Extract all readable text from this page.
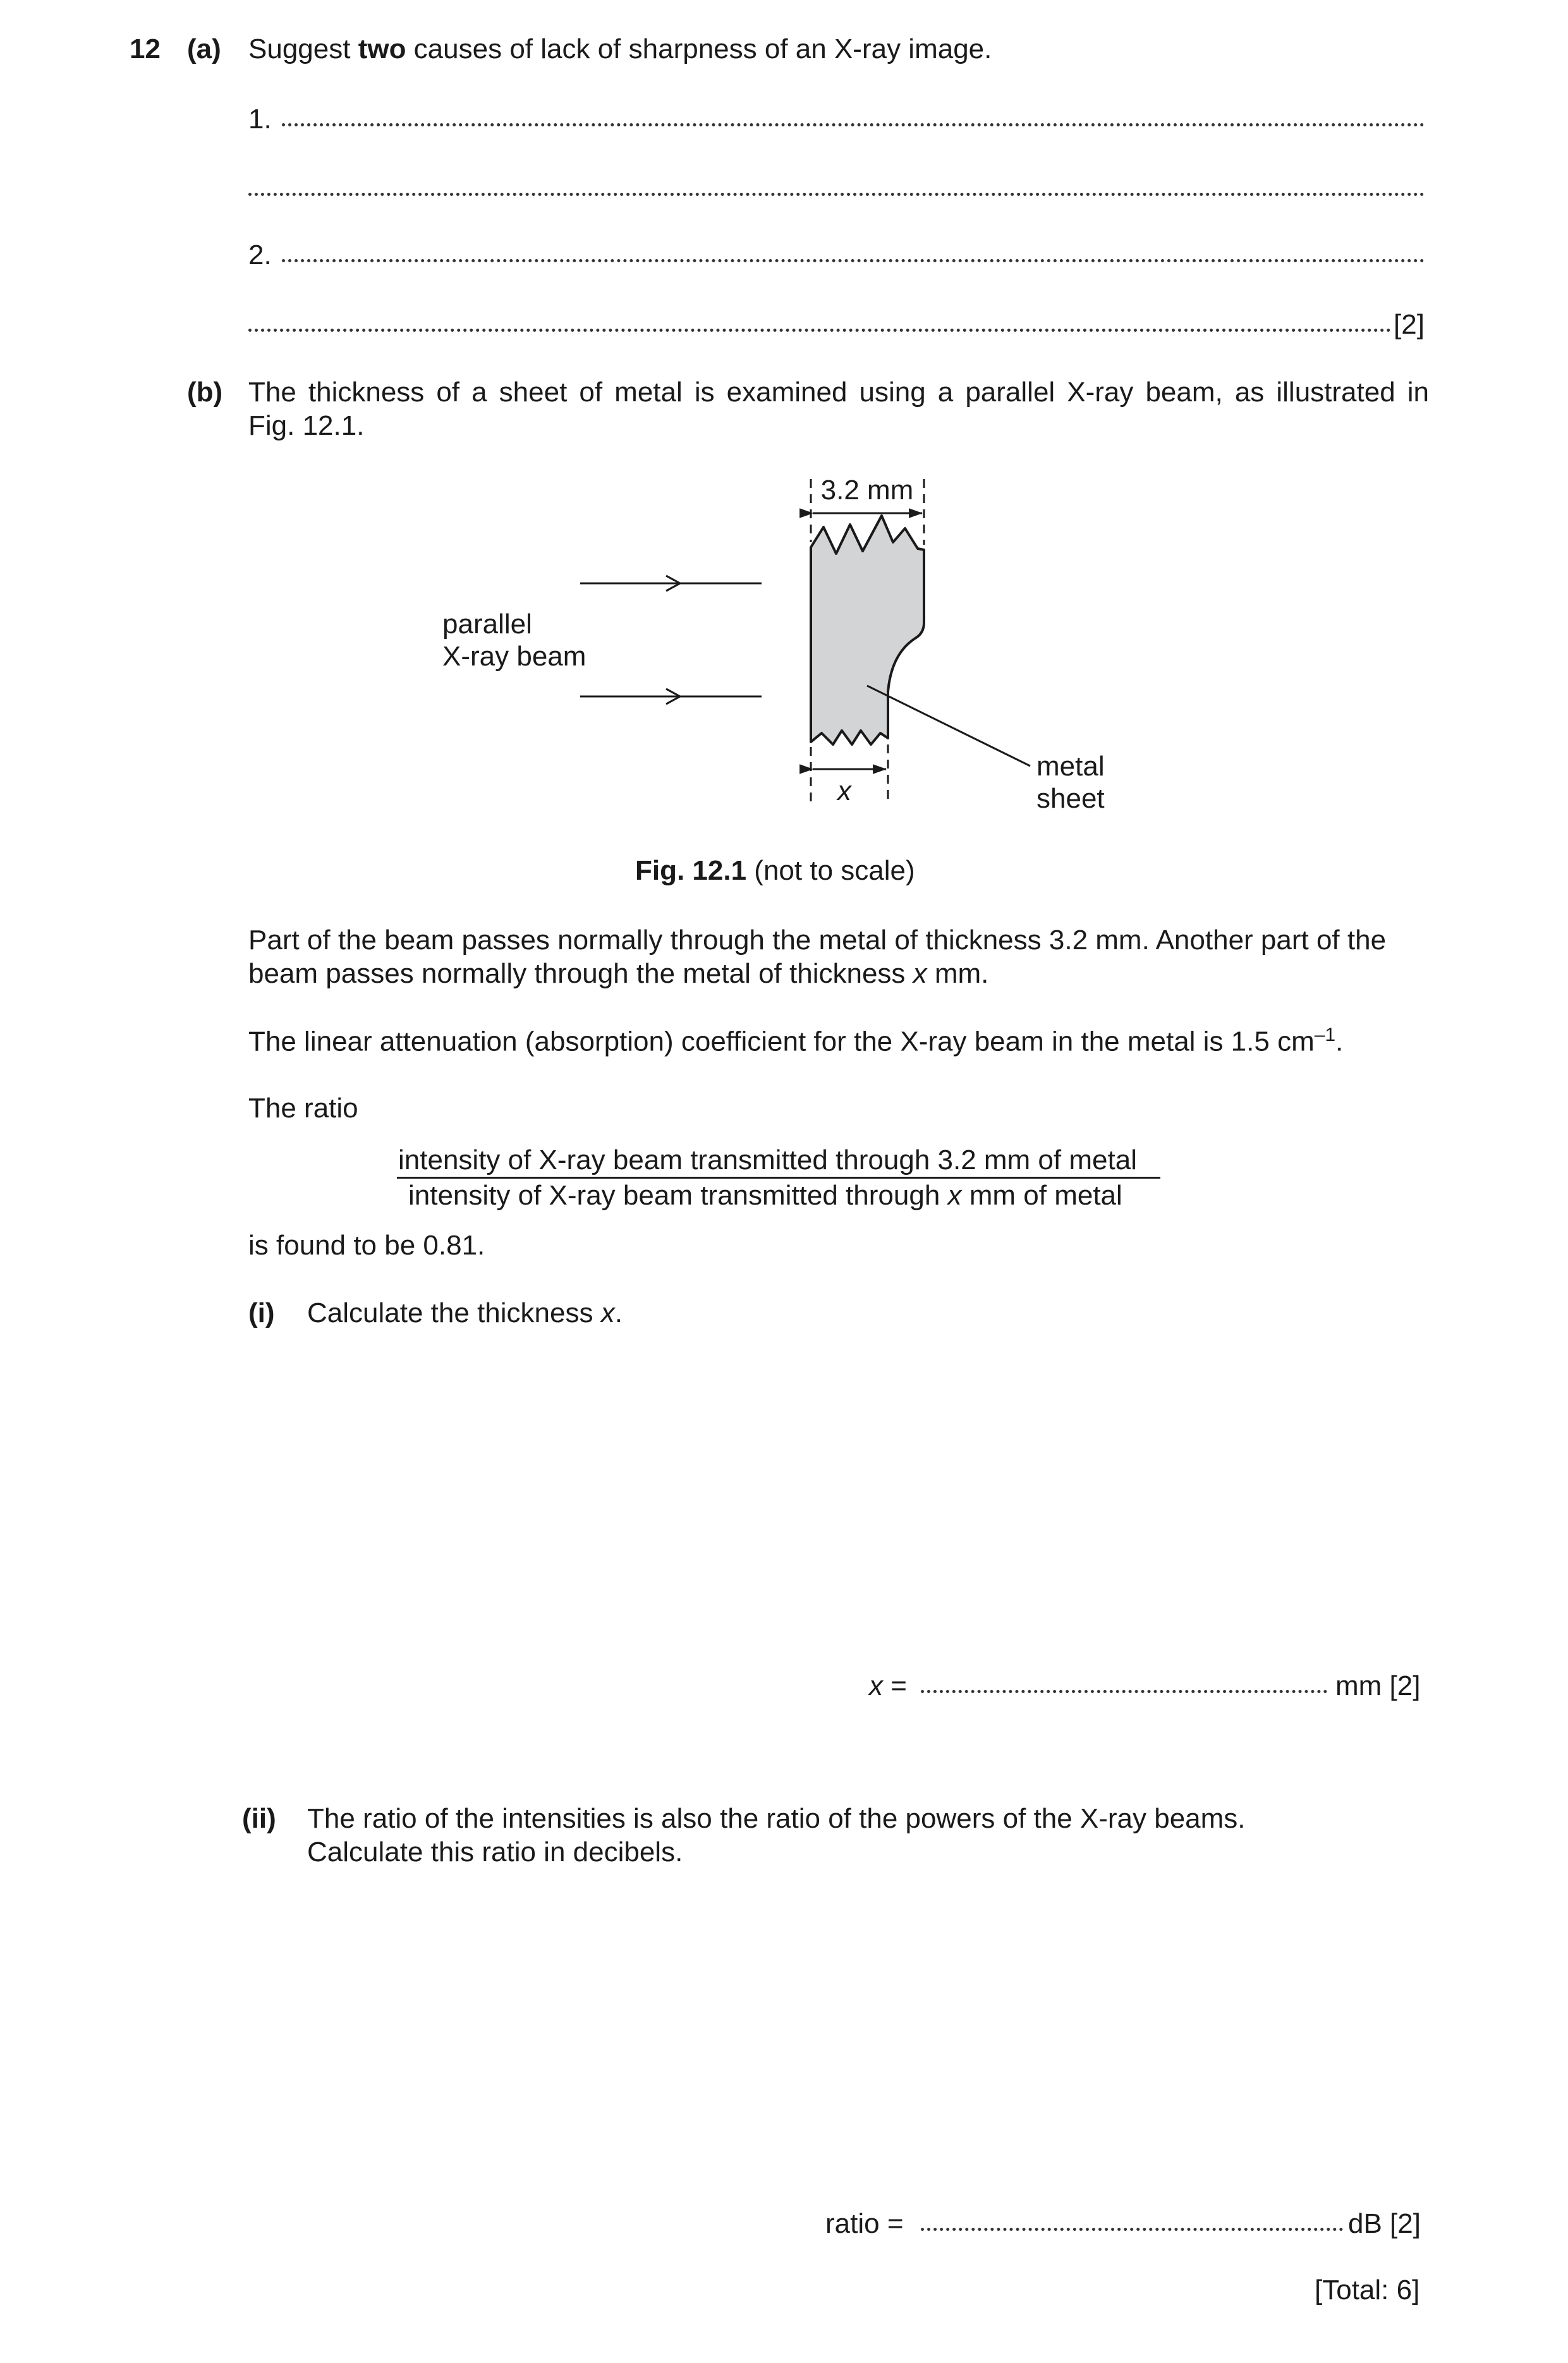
12 (a) Suggest two causes of lack of sharpness of an X-ray image.
1.
2.
[2]
(b) The thickness of a sheet of metal is examined using a parallel X-ray beam, as illustrated in
Fig. 12.1.
3.2 mm
x
parallel
X-ray beam
metal
sheet
Fig. 12.1 (not to scale)
Part of the beam passes normally through the metal of thickness 3.2 mm. Another part of the
beam passes normally through the metal of thickness x mm.
The linear attenuation (absorption) coefficient for the X-ray beam in the metal is 1.5 $cm^{-1}$.
The ratio
intensity of X-ray beam transmitted through 3.2 mm of metal
intensity of X-ray beam transmitted through x mm of metal
is found to be 0.81.
(i) Calculate the thickness x.
x =	mm [2]
(ii) The ratio of the intensities is also the ratio of the powers of the X-ray beams.
Calculate this ratio in decibels.
ratio =	dB [2]
[Total: 6]
